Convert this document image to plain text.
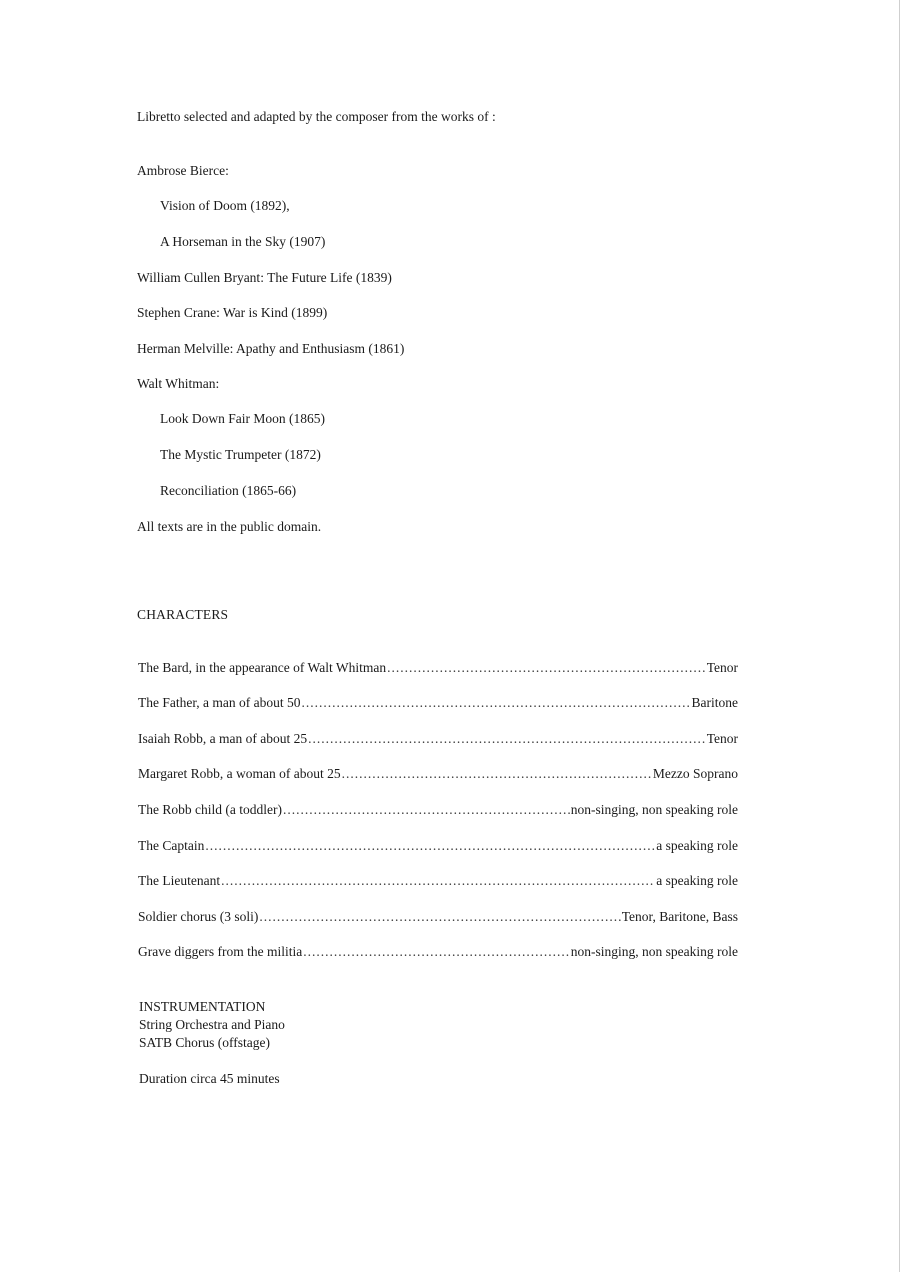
Libretto selected and adapted by the composer from the works of :
Ambrose Bierce:
Vision of Doom (1892),
A Horseman in the Sky (1907)
William Cullen Bryant: The Future Life (1839)
Stephen Crane: War is Kind (1899)
Herman Melville: Apathy and Enthusiasm (1861)
Walt Whitman:
Look Down Fair Moon (1865)
The Mystic Trumpeter (1872)
Reconciliation (1865-66)
All texts are in the public domain.
CHARACTERS
The Bard, in the appearance of Walt Whitman .....	Tenor
The Father, a man of about 50 .....	Baritone
Isaiah Robb, a man of about 25 .....	Tenor
Margaret Robb, a woman of about 25 .....	Mezzo Soprano
The Robb child (a toddler) .....	non-singing, non speaking role
The Captain .....	a speaking role
The Lieutenant .....	a speaking role
Soldier chorus (3 soli) .....	Tenor, Baritone, Bass
Grave diggers from the militia .....	non-singing, non speaking role
INSTRUMENTATION
String Orchestra and Piano
SATB Chorus (offstage)
Duration circa 45 minutes
